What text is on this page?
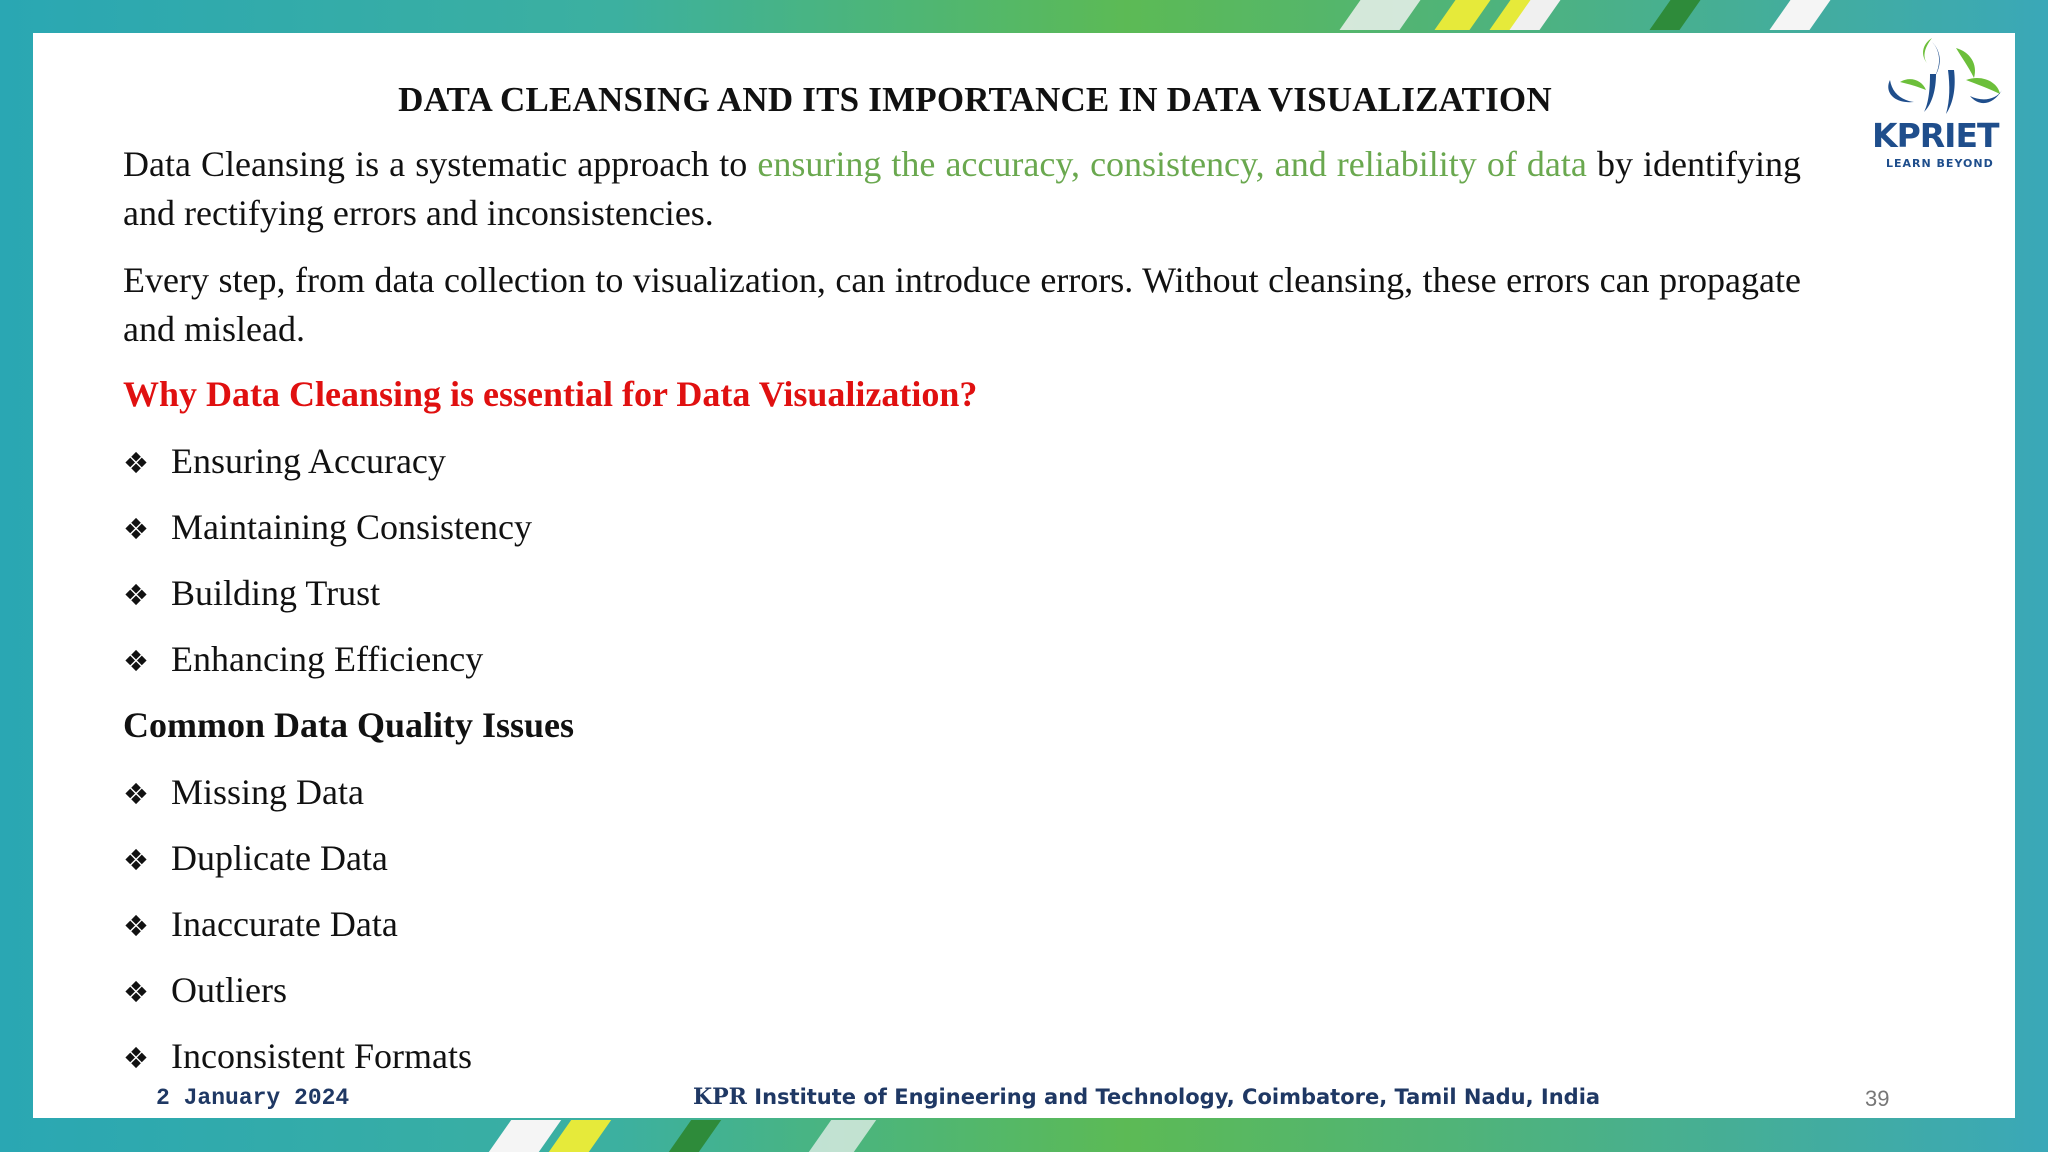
DATA CLEANSING AND ITS IMPORTANCE IN DATA VISUALIZATION
Data Cleansing is a systematic approach to ensuring the accuracy, consistency, and reliability of data by identifying and rectifying errors and inconsistencies.
Every step, from data collection to visualization, can introduce errors. Without cleansing, these errors can propagate and mislead.
Why Data Cleansing is essential for Data Visualization?
❖ Ensuring Accuracy
❖ Maintaining Consistency
❖ Building Trust
❖ Enhancing Efficiency
Common Data Quality Issues
❖ Missing Data
❖ Duplicate Data
❖ Inaccurate Data
❖ Outliers
❖ Inconsistent Formats
2 January 2024	KPR Institute of Engineering and Technology, Coimbatore, Tamil Nadu, India	39
KPRIET
LEARN BEYOND
